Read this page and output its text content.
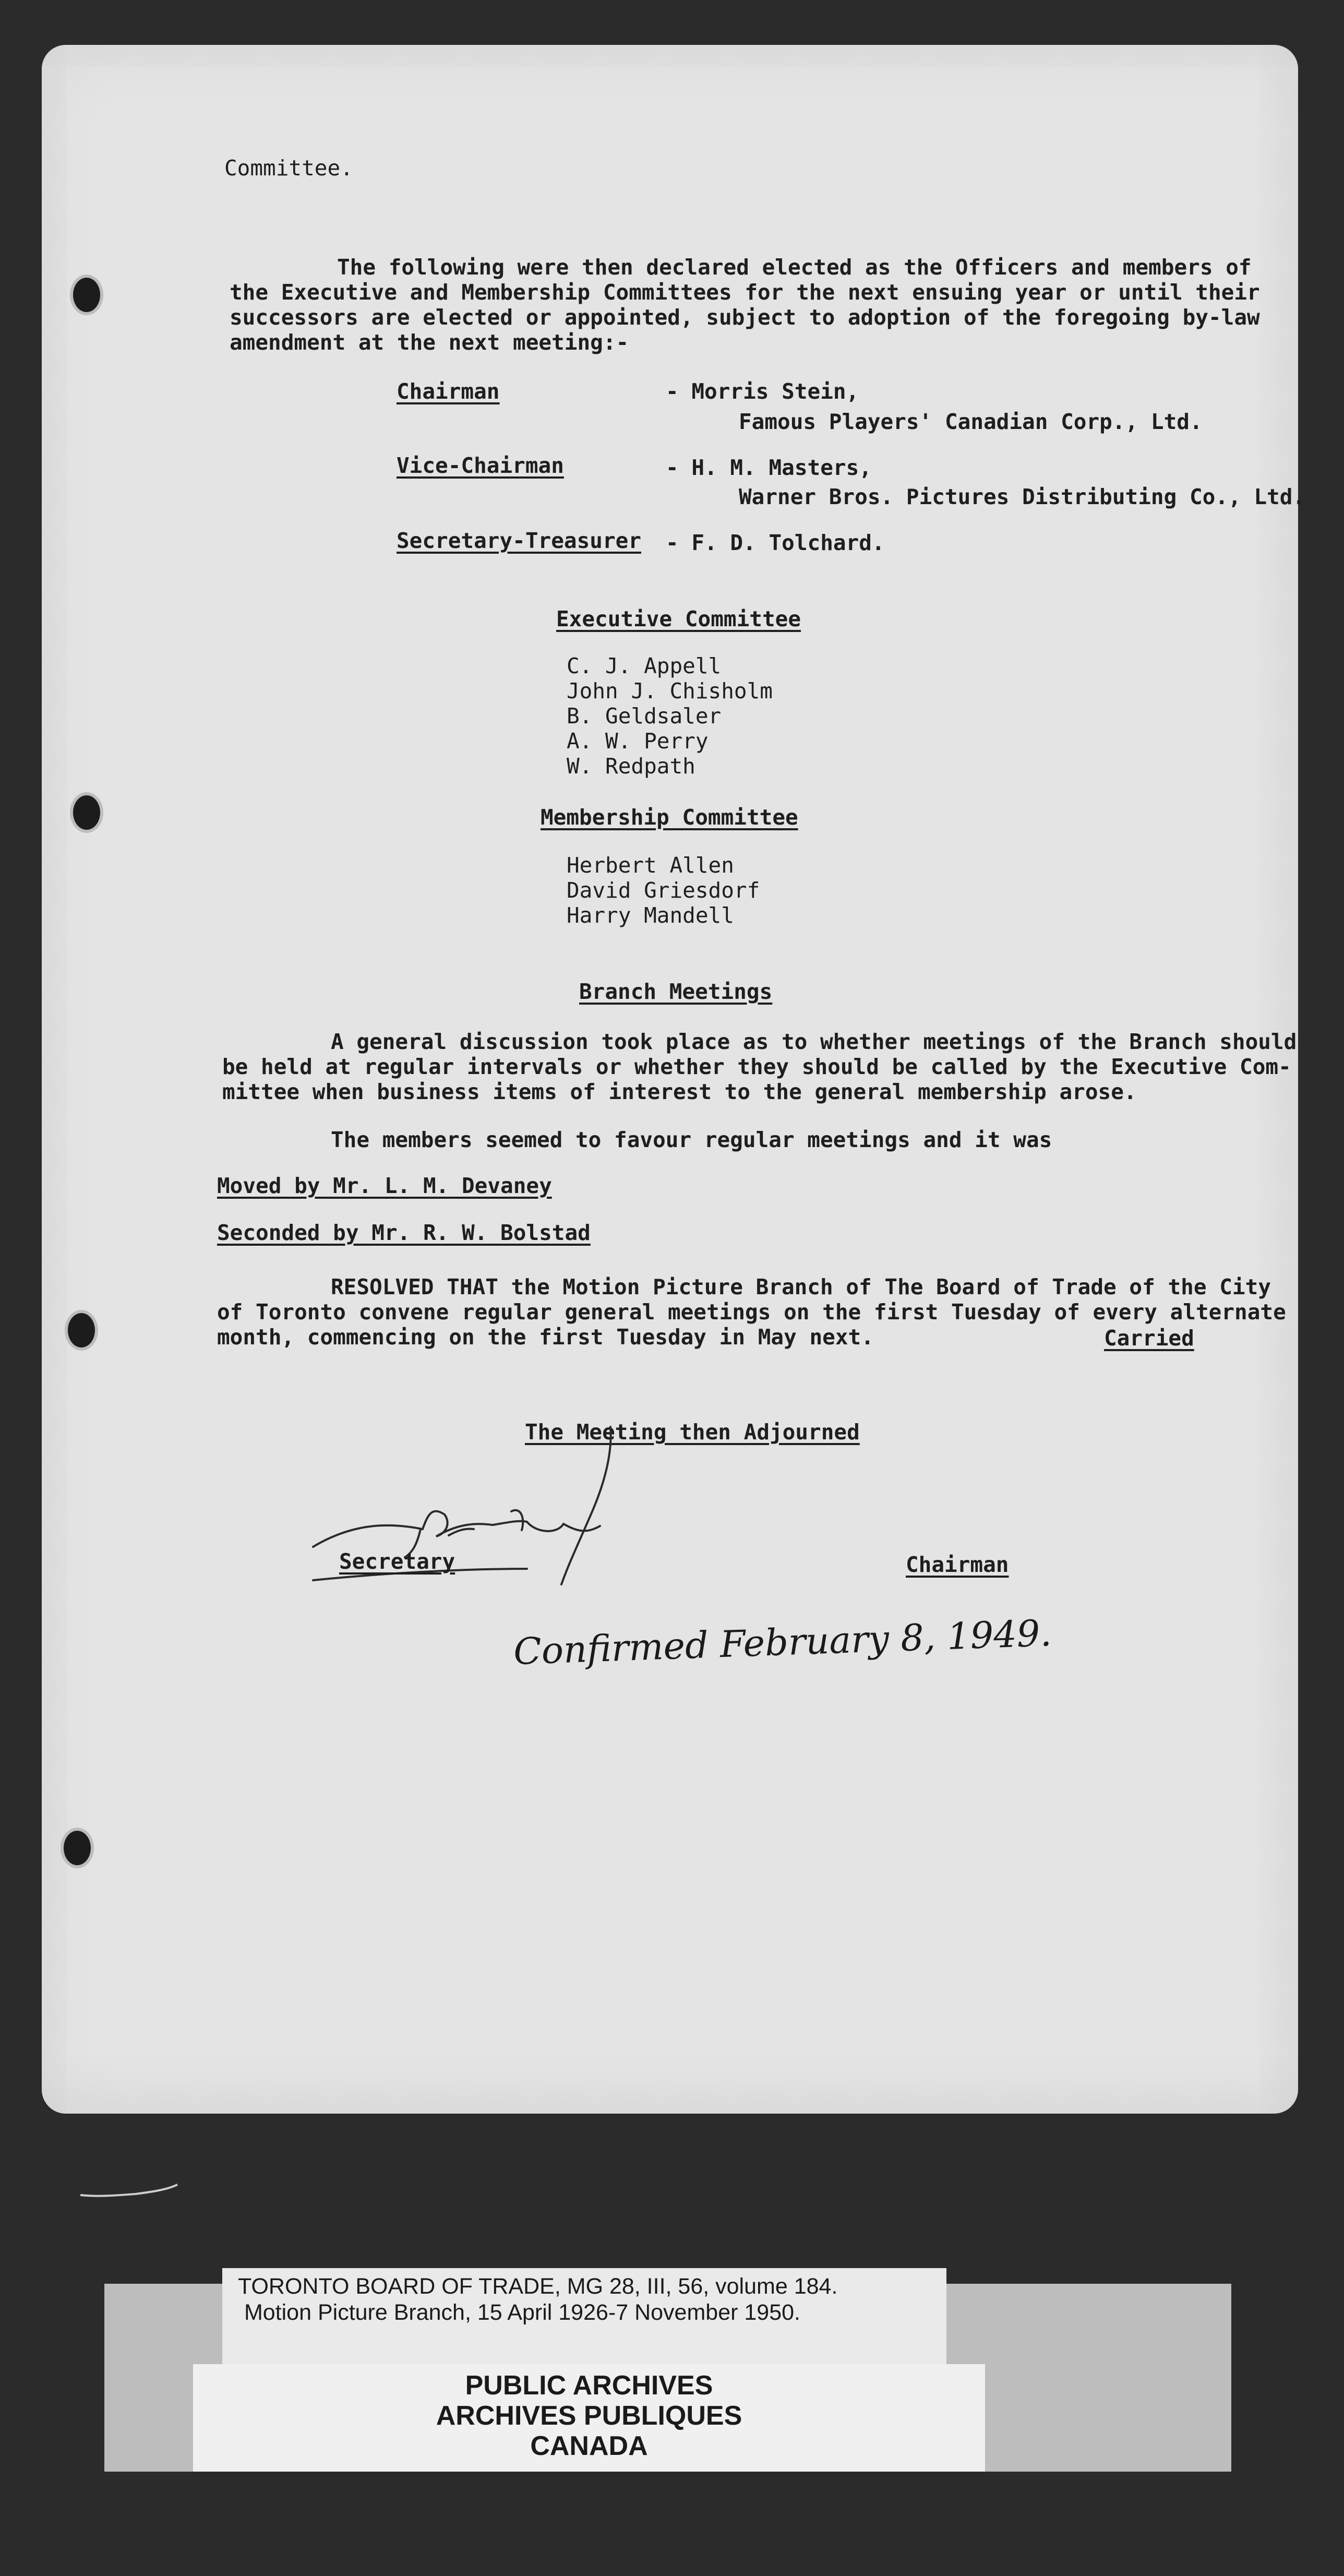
Committee.
The following were then declared elected as the Officers and members of
the Executive and Membership Committees for the next ensuing year or until their
successors are elected or appointed, subject to adoption of the foregoing by-law
amendment at the next meeting:-
Chairman	- Morris Stein,
Famous Players' Canadian Corp., Ltd.
Vice-Chairman	- H. M. Masters,
Warner Bros. Pictures Distributing Co., Ltd.
Secretary-Treasurer - F. D. Tolchard.
Executive Committee
C. J. Appell
John J. Chisholm
B. Geldsaler
A. W. Perry
W. Redpath
Membership Committee
Herbert Allen
David Griesdorf
Harry Mandell
Branch Meetings
A general discussion took place as to whether meetings of the Branch should
be held at regular intervals or whether they should be called by the Executive Com-
mittee when business items of interest to the general membership arose.
The members seemed to favour regular meetings and it was
Moved by Mr. L. M. Devaney
Seconded by Mr. R. W. Bolstad
RESOLVED THAT the Motion Picture Branch of The Board of Trade of the City
of Toronto convene regular general meetings on the first Tuesday of every alternate
month, commencing on the first Tuesday in May next.	Carried
The Meeting then Adjourned
Secretary	Chairman
Confirmed February 8, 1949.
TORONTO BOARD OF TRADE, MG 28, III, 56, volume 184.
Motion Picture Branch, 15 April 1926-7 November 1950.
PUBLIC ARCHIVES
ARCHIVES PUBLIQUES
CANADA
